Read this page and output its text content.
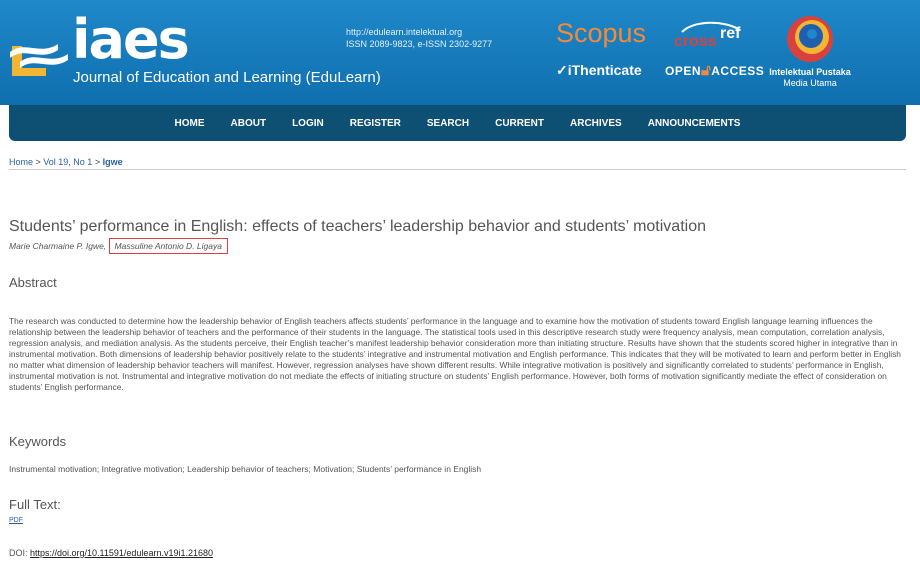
iaes
Journal of Education and Learning (EduLearn)
http://edulearn.intelektual.org
ISSN 2089-9823, e-ISSN 2302-9277 Scopus cross ref
✓iThenticate OPEN🔓︎ACCESS Intelektual Pustaka
Media Utama
HOME	ABOUT	LOGIN	REGISTER	SEARCH	CURRENT	ARCHIVES	ANNOUNCEMENTS
Home > Vol 19, No 1 > Igwe
Students’ performance in English: effects of teachers’ leadership behavior and students’ motivation
Marie Charmaine P. Igwe, Massuline Antonio D. Ligaya
Abstract
The research was conducted to determine how the leadership behavior of English teachers affects students’ performance in the language and to examine how the motivation of students toward English language learning influences the relationship between the leadership behavior of teachers and the performance of their students in the language. The statistical tools used in this descriptive research study were frequency analysis, mean computation, correlation analysis, regression analysis, and mediation analysis. As the students perceive, their English teacher’s manifest leadership behavior consideration more than initiating structure. Results have shown that the students scored higher in integrative than in instrumental motivation. Both dimensions of leadership behavior positively relate to the students’ integrative and instrumental motivation and English performance. This indicates that they will be motivated to learn and perform better in English no matter what dimension of leadership behavior teachers will manifest. However, regression analyses have shown different results. While integrative motivation is positively and significantly correlated to students’ performance in English, instrumental motivation is not. Instrumental and integrative motivation do not mediate the effects of initiating structure on students’ English performance. However, both forms of motivation significantly mediate the effect of consideration on students’ English performance.
Keywords
Instrumental motivation; Integrative motivation; Leadership behavior of teachers; Motivation; Students’ performance in English
Full Text:
PDF
DOI: https://doi.org/10.11591/edulearn.v19i1.21680
